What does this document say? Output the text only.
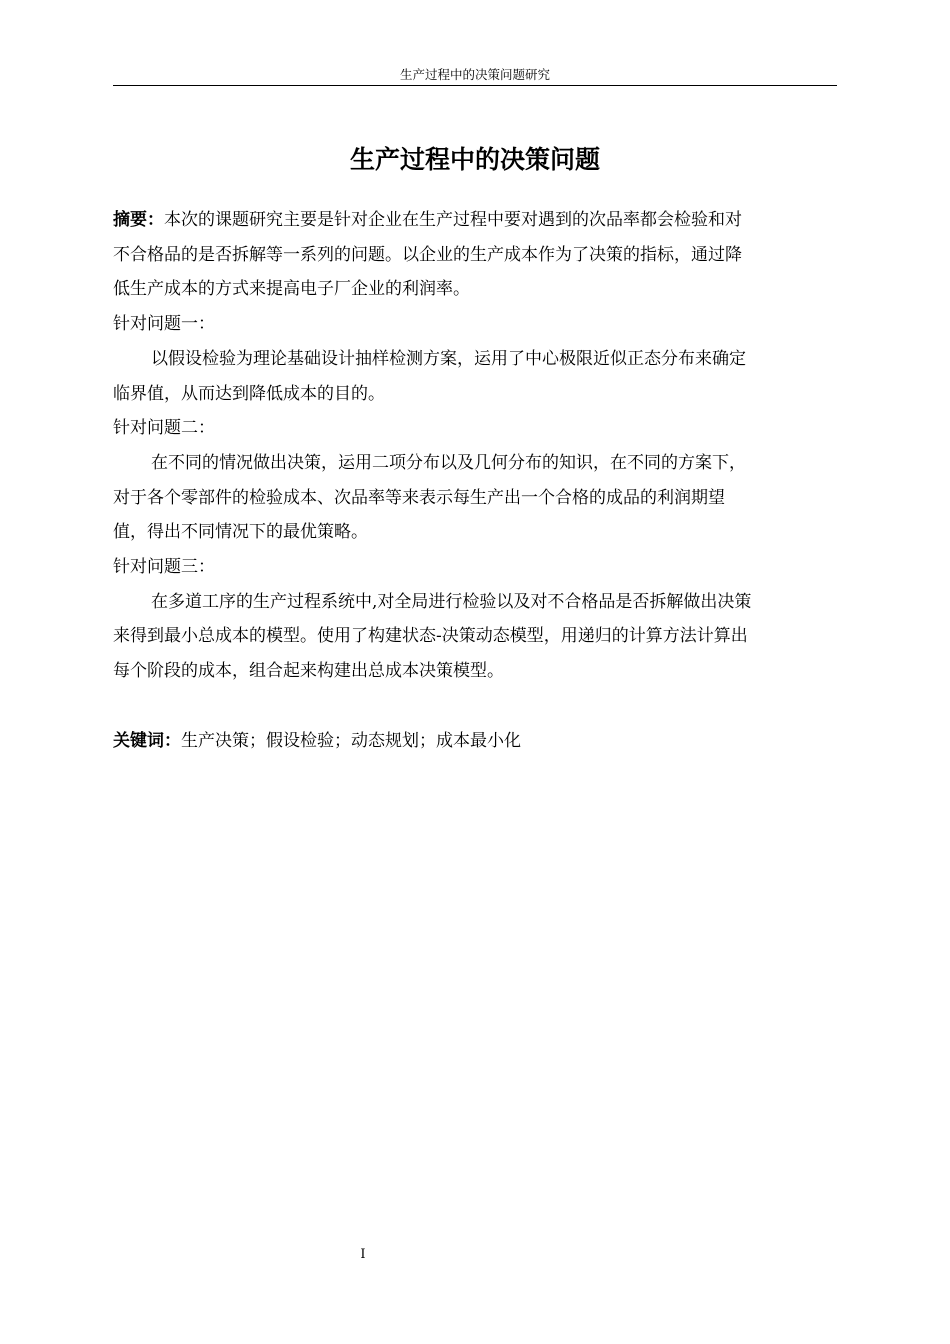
生产过程中的决策问题研究
生产过程中的决策问题

摘要：本次的课题研究主要是针对企业在生产过程中要对遇到的次品率都会检验和对

不合格品的是否拆解等一系列的问题。以企业的生产成本作为了决策的指标，通过降

低生产成本的方式来提高电子厂企业的利润率。

针对问题一：

以假设检验为理论基础设计抽样检测方案，运用了中心极限近似正态分布来确定

临界值，从而达到降低成本的目的。

针对问题二：

在不同的情况做出决策，运用二项分布以及几何分布的知识，在不同的方案下，

对于各个零部件的检验成本、次品率等来表示每生产出一个合格的成品的利润期望

值，得出不同情况下的最优策略。

针对问题三：

在多道工序的生产过程系统中,对全局进行检验以及对不合格品是否拆解做出决策

来得到最小总成本的模型。使用了构建状态-决策动态模型，用递归的计算方法计算出

每个阶段的成本，组合起来构建出总成本决策模型。

关键词：生产决策；假设检验；动态规划；成本最小化

I
